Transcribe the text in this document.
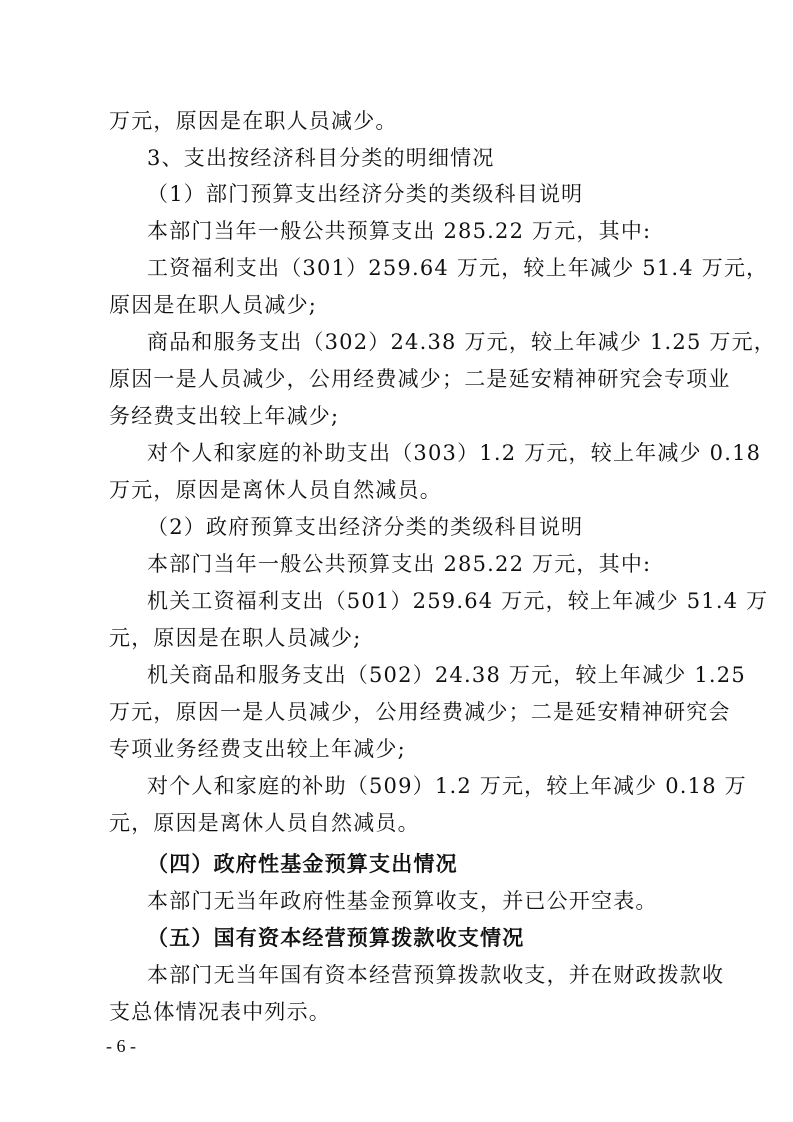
万元，原因是在职人员减少。
3、支出按经济科目分类的明细情况
（1）部门预算支出经济分类的类级科目说明
本部门当年一般公共预算支出 285.22 万元，其中:
工资福利支出（301）259.64 万元，较上年减少 51.4 万元，
原因是在职人员减少;
商品和服务支出（302）24.38 万元，较上年减少 1.25 万元，
原因一是人员减少，公用经费减少；二是延安精神研究会专项业
务经费支出较上年减少;
对个人和家庭的补助支出（303）1.2 万元，较上年减少 0.18
万元，原因是离休人员自然减员。
（2）政府预算支出经济分类的类级科目说明
本部门当年一般公共预算支出 285.22 万元，其中:
机关工资福利支出（501）259.64 万元，较上年减少 51.4 万
元，原因是在职人员减少;
机关商品和服务支出（502）24.38 万元，较上年减少 1.25
万元，原因一是人员减少，公用经费减少；二是延安精神研究会
专项业务经费支出较上年减少;
对个人和家庭的补助（509）1.2 万元，较上年减少 0.18 万
元，原因是离休人员自然减员。
（四）政府性基金预算支出情况
本部门无当年政府性基金预算收支，并已公开空表。
（五）国有资本经营预算拨款收支情况
本部门无当年国有资本经营预算拨款收支，并在财政拨款收
支总体情况表中列示。
- 6 -
